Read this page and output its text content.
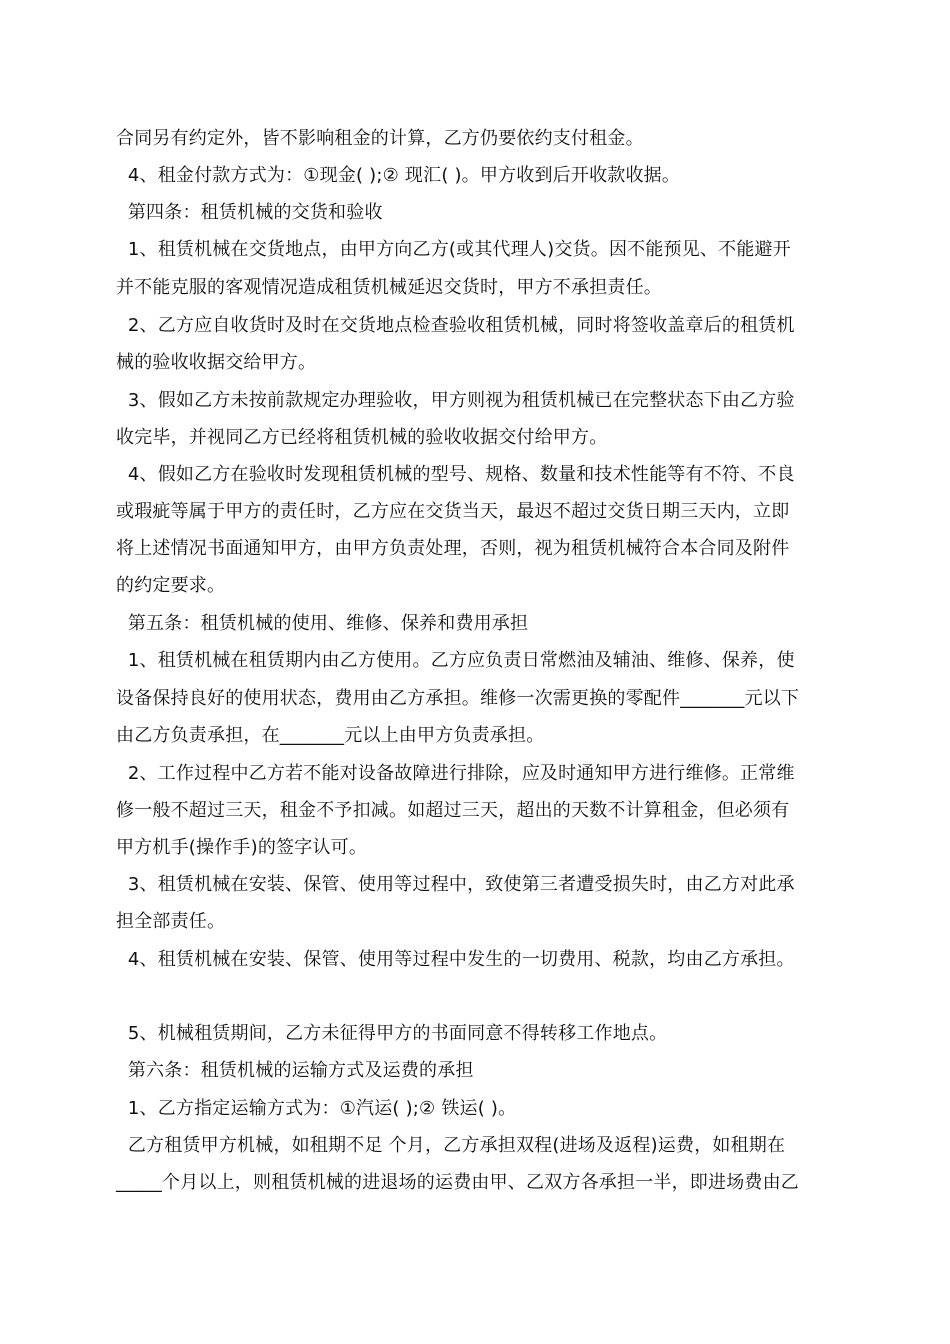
合同另有约定外，皆不影响租金的计算，乙方仍要依约支付租金。
4、租金付款方式为：①现金( );② 现汇( )。甲方收到后开收款收据。
第四条：租赁机械的交货和验收
1、租赁机械在交货地点，由甲方向乙方(或其代理人)交货。因不能预见、不能避开
并不能克服的客观情况造成租赁机械延迟交货时，甲方不承担责任。
2、乙方应自收货时及时在交货地点检查验收租赁机械，同时将签收盖章后的租赁机
械的验收收据交给甲方。
3、假如乙方未按前款规定办理验收，甲方则视为租赁机械已在完整状态下由乙方验
收完毕，并视同乙方已经将租赁机械的验收收据交付给甲方。
4、假如乙方在验收时发现租赁机械的型号、规格、数量和技术性能等有不符、不良
或瑕疵等属于甲方的责任时，乙方应在交货当天，最迟不超过交货日期三天内，立即
将上述情况书面通知甲方，由甲方负责处理，否则，视为租赁机械符合本合同及附件
的约定要求。
第五条：租赁机械的使用、维修、保养和费用承担
1、租赁机械在租赁期内由乙方使用。乙方应负责日常燃油及辅油、维修、保养，使
设备保持良好的使用状态，费用由乙方承担。维修一次需更换的零配件_______元以下
由乙方负责承担，在_______元以上由甲方负责承担。
2、工作过程中乙方若不能对设备故障进行排除，应及时通知甲方进行维修。正常维
修一般不超过三天，租金不予扣减。如超过三天，超出的天数不计算租金，但必须有
甲方机手(操作手)的签字认可。
3、租赁机械在安装、保管、使用等过程中，致使第三者遭受损失时，由乙方对此承
担全部责任。
4、租赁机械在安装、保管、使用等过程中发生的一切费用、税款，均由乙方承担。
5、机械租赁期间，乙方未征得甲方的书面同意不得转移工作地点。
第六条：租赁机械的运输方式及运费的承担
1、乙方指定运输方式为：①汽运( );② 铁运( )。
乙方租赁甲方机械，如租期不足 个月，乙方承担双程(进场及返程)运费，如租期在
_____个月以上，则租赁机械的进退场的运费由甲、乙双方各承担一半，即进场费由乙
